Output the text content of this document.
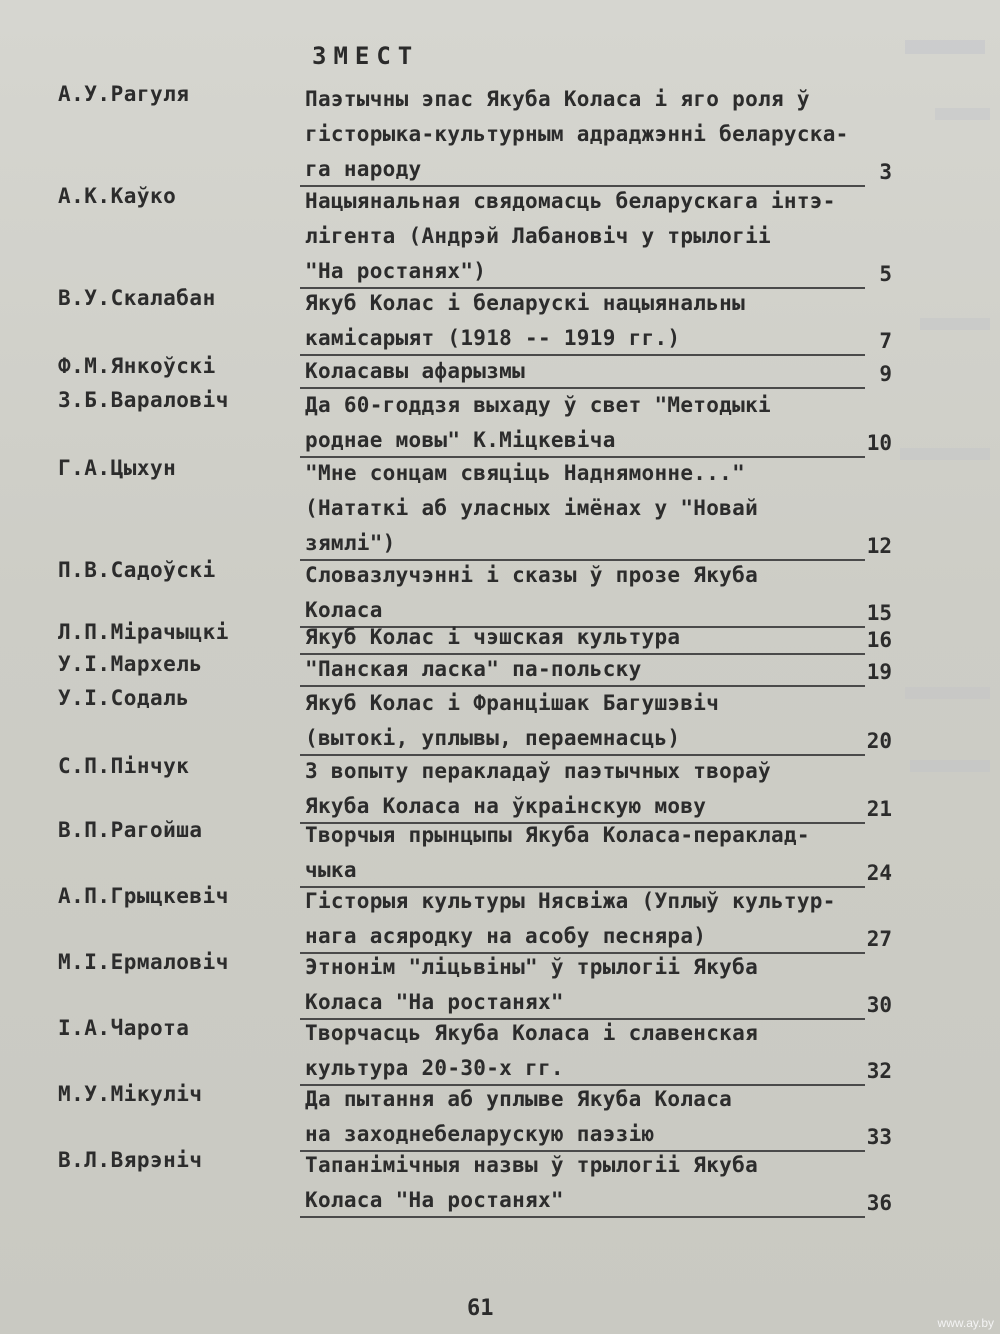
ЗМЕСТ
А.У.Рагуля	Паэтычны эпас Якуба Коласа і яго роля ў
гісторыка-культурным адраджэнні беларуска-
га народу	3
А.К.Каўко	Нацыянальная свядомасць беларускага інтэ-
лігента (Андрэй Лабановіч у трылогіі
"На ростанях")	5
В.У.Скалабан	Якуб Колас і беларускі нацыянальны
камісарыят (1918 -- 1919 гг.)	7
Ф.М.Янкоўскі	Коласавы афарызмы	9
З.Б.Вараловіч	Да 60-годдзя выхаду ў свет "Методыкі
роднае мовы" К.Міцкевіча	10
Г.А.Цыхун	"Мне сонцам свяціць Наднямонне..."
(Нататкі аб уласных імёнах у "Новай
зямлі")	12
П.В.Садоўскі	Словазлучэнні і сказы ў прозе Якуба
Коласа	15
Л.П.Мірачыцкі	Якуб Колас і чэшская культура	16
У.І.Мархель	"Панская ласка" па-польску	19
У.І.Содаль	Якуб Колас і Францішак Багушэвіч
(вытокі, уплывы, пераемнасць)	20
С.П.Пінчук	З вопыту перакладаў паэтычных твораў
Якуба Коласа на ўкраінскую мову	21
В.П.Рагойша	Творчыя прынцыпы Якуба Коласа-пераклад-
чыка	24
А.П.Грыцкевіч	Гісторыя культуры Нясвіжа (Уплыў культур-
нага асяродку на асобу песняра)	27
М.І.Ермаловіч	Этнонім "ліцьвіны" ў трылогіі Якуба
Коласа "На ростанях"	30
І.А.Чарота	Творчасць Якуба Коласа і славенская
культура 20-30-х гг.	32
М.У.Мікуліч	Да пытання аб уплыве Якуба Коласа
на заходнебеларускую паэзію	33
В.Л.Вярэніч	Тапанімічныя назвы ў трылогіі Якуба
Коласа "На ростанях"	36
61
www.ay.by
